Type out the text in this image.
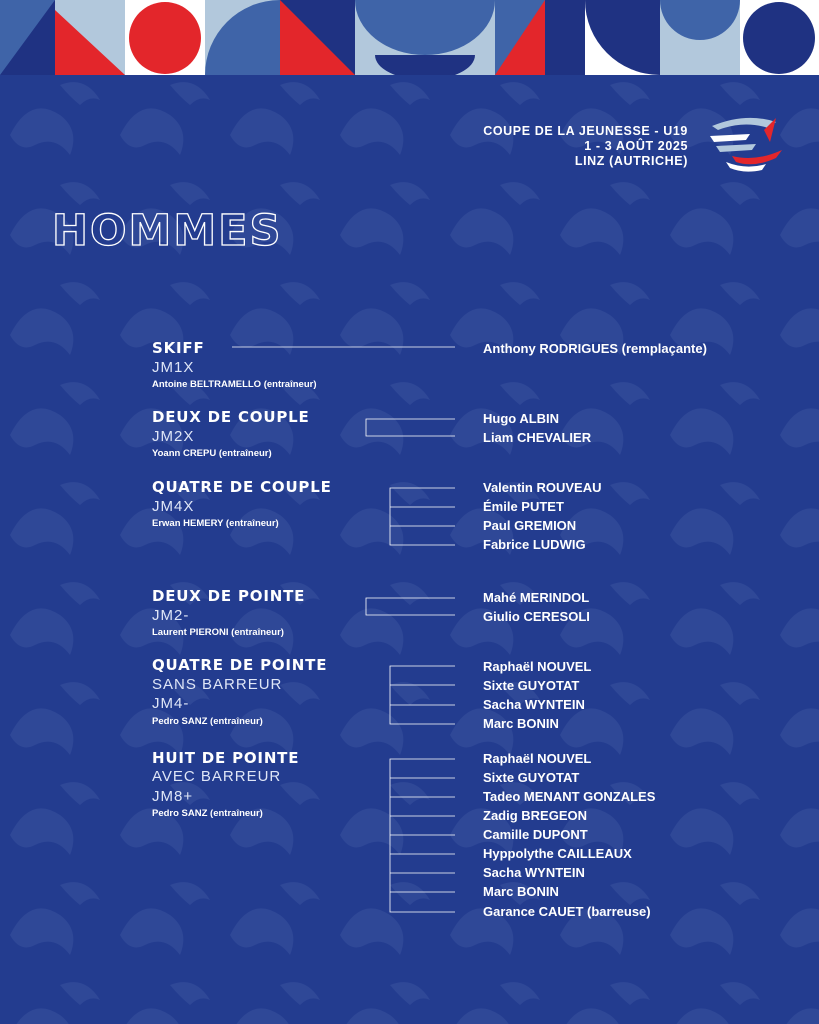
COUPE DE LA JEUNESSE - U19
1 - 3 AOÛT 2025
LINZ (AUTRICHE)
HOMMES
SKIFF
JM1X
Antoine BELTRAMELLO (entraîneur)
Anthony RODRIGUES (remplaçante)
DEUX DE COUPLE
JM2X
Yoann CREPU (entraîneur)
Hugo ALBIN
Liam CHEVALIER
QUATRE DE COUPLE
JM4X
Erwan HEMERY (entraîneur)
Valentin ROUVEAU
Émile PUTET
Paul GREMION
Fabrice LUDWIG
DEUX DE POINTE
JM2-
Laurent PIERONI (entraîneur)
Mahé MERINDOL
Giulio CERESOLI
QUATRE DE POINTE
SANS BARREUR
JM4-
Pedro SANZ (entraîneur)
Raphaël NOUVEL
Sixte GUYOTAT
Sacha WYNTEIN
Marc BONIN
HUIT DE POINTE
AVEC BARREUR
JM8+
Pedro SANZ (entraîneur)
Raphaël NOUVEL
Sixte GUYOTAT
Tadeo MENANT GONZALES
Zadig BREGEON
Camille DUPONT
Hyppolythe CAILLEAUX
Sacha WYNTEIN
Marc BONIN
Garance CAUET (barreuse)
